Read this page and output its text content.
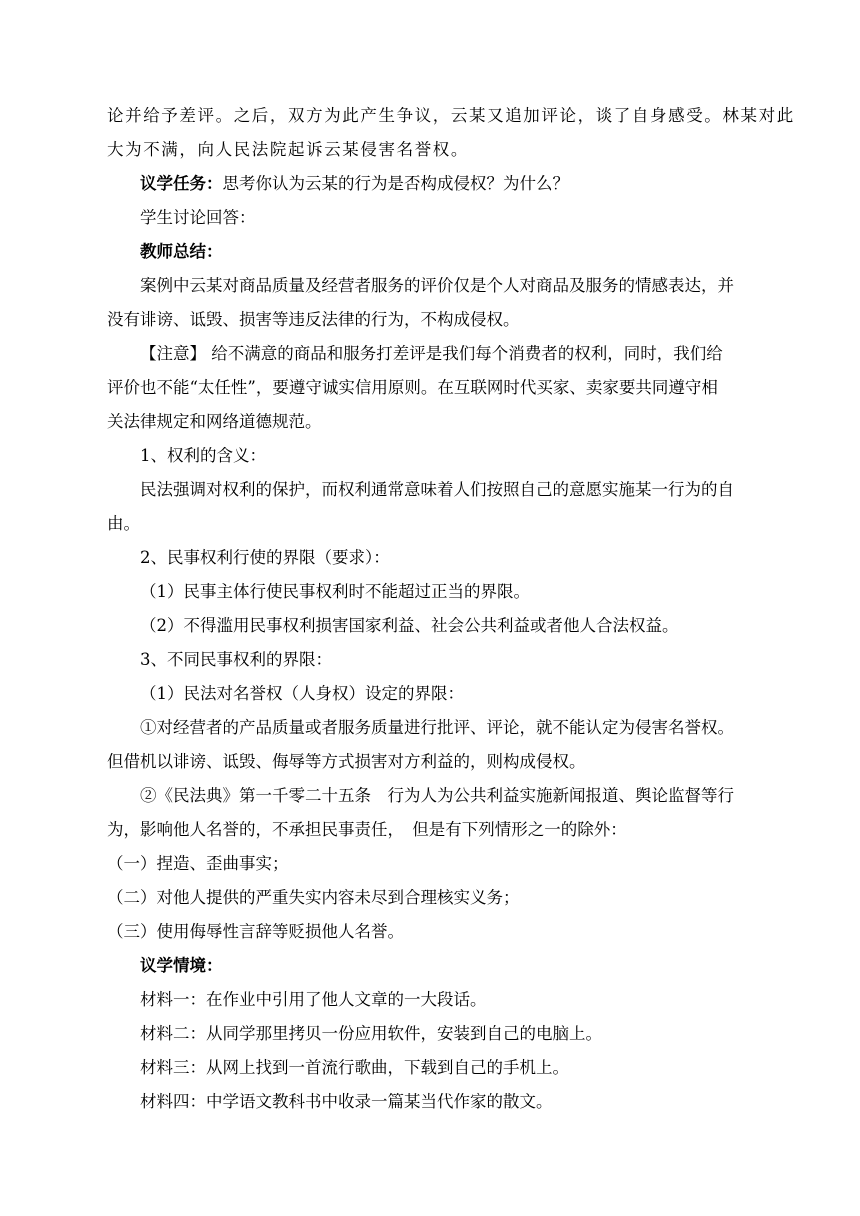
论并给予差评。之后，双方为此产生争议，云某又追加评论，谈了自身感受。林某对此
大为不满，向人民法院起诉云某侵害名誉权。
议学任务：思考你认为云某的行为是否构成侵权？为什么？
学生讨论回答：
教师总结：
案例中云某对商品质量及经营者服务的评价仅是个人对商品及服务的情感表达，并
没有诽谤、诋毁、损害等违反法律的行为，不构成侵权。
【注意】 给不满意的商品和服务打差评是我们每个消费者的权利，同时，我们给
评价也不能“太任性”，要遵守诚实信用原则。在互联网时代买家、卖家要共同遵守相
关法律规定和网络道德规范。
1、权利的含义：
民法强调对权利的保护，而权利通常意味着人们按照自己的意愿实施某一行为的自
由。
2、民事权利行使的界限（要求）：
（1）民事主体行使民事权利时不能超过正当的界限。
（2）不得滥用民事权利损害国家利益、社会公共利益或者他人合法权益。
3、不同民事权利的界限：
（1）民法对名誉权（人身权）设定的界限：
①对经营者的产品质量或者服务质量进行批评、评论，就不能认定为侵害名誉权。
但借机以诽谤、诋毁、侮辱等方式损害对方利益的，则构成侵权。
②《民法典》第一千零二十五条　行为人为公共利益实施新闻报道、舆论监督等行
为，影响他人名誉的，不承担民事责任，　但是有下列情形之一的除外：
（一）捏造、歪曲事实；
（二）对他人提供的严重失实内容未尽到合理核实义务；
（三）使用侮辱性言辞等贬损他人名誉。
议学情境：
材料一：在作业中引用了他人文章的一大段话。
材料二：从同学那里拷贝一份应用软件，安装到自己的电脑上。
材料三：从网上找到一首流行歌曲，下载到自己的手机上。
材料四：中学语文教科书中收录一篇某当代作家的散文。
